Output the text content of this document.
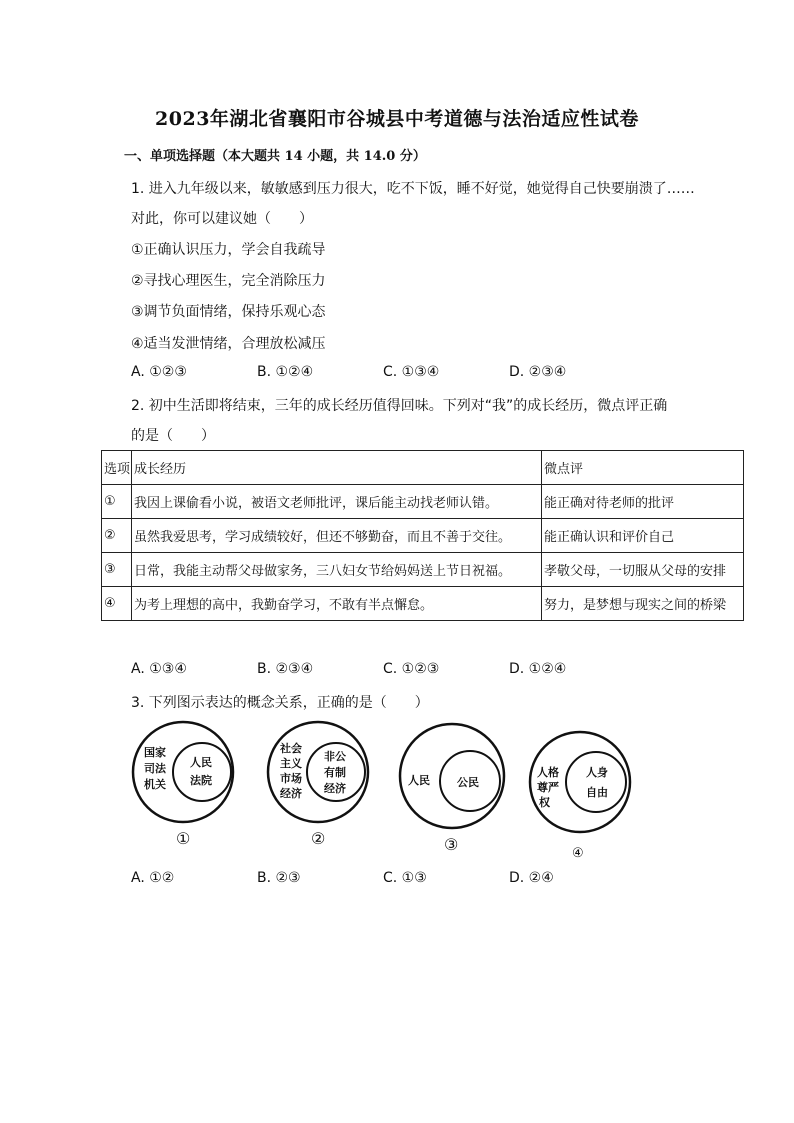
2023年湖北省襄阳市谷城县中考道德与法治适应性试卷
一、单项选择题（本大题共 14 小题，共 14.0 分）
1. 进入九年级以来，敏敏感到压力很大，吃不下饭，睡不好觉，她觉得自己快要崩溃了……
对此，你可以建议她（　　）
①正确认识压力，学会自我疏导
②寻找心理医生，完全消除压力
③调节负面情绪，保持乐观心态
④适当发泄情绪，合理放松减压
A. ①②③	B. ①②④	C. ①③④	D. ②③④
2. 初中生活即将结束，三年的成长经历值得回味。下列对“我”的成长经历，微点评正确
的是（　　）
选项	成长经历	微点评
①	我因上课偷看小说，被语文老师批评，课后能主动找老师认错。	能正确对待老师的批评
②	虽然我爱思考，学习成绩较好，但还不够勤奋，而且不善于交往。	能正确认识和评价自己
③	日常，我能主动帮父母做家务，三八妇女节给妈妈送上节日祝福。	孝敬父母，一切服从父母的安排
④	为考上理想的高中，我勤奋学习，不敢有半点懈怠。	努力，是梦想与现实之间的桥梁
A. ①③④	B. ②③④	C. ①②③	D. ①②④
3. 下列图示表达的概念关系，正确的是（　　）
国家
司法
机关
人民
法院
①
社会
主义
市场
经济
非公
有制
经济
②
人民 公民
③
人格
尊严
权
人身
自由
④
A. ①②	B. ②③	C. ①③	D. ②④
